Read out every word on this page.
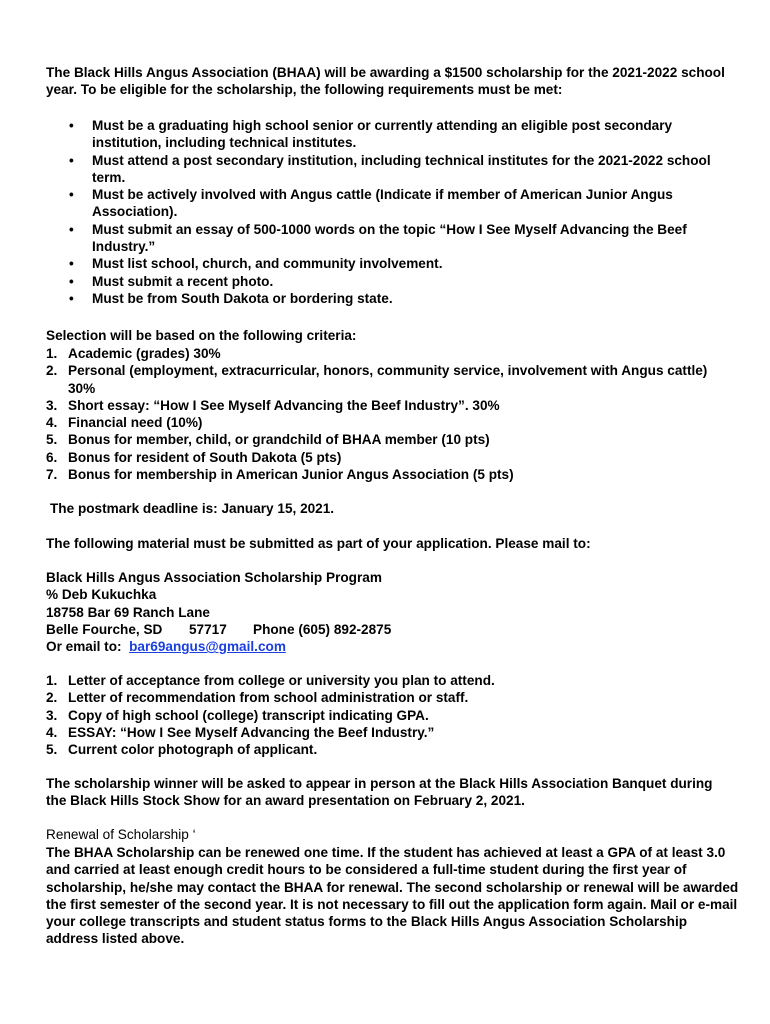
The Black Hills Angus Association (BHAA) will be awarding a $1500 scholarship for the 2021-2022 school year. To be eligible for the scholarship, the following requirements must be met:

• Must be a graduating high school senior or currently attending an eligible post secondary institution, including technical institutes.
• Must attend a post secondary institution, including technical institutes for the 2021-2022 school term.
• Must be actively involved with Angus cattle (Indicate if member of American Junior Angus Association).
• Must submit an essay of 500-1000 words on the topic “How I See Myself Advancing the Beef Industry.”
• Must list school, church, and community involvement.
• Must submit a recent photo.
• Must be from South Dakota or bordering state.

Selection will be based on the following criteria:

1. Academic (grades) 30%
2. Personal (employment, extracurricular, honors, community service, involvement with Angus cattle) 30%
3. Short essay: “How I See Myself Advancing the Beef Industry”. 30%
4. Financial need (10%)
5. Bonus for member, child, or grandchild of BHAA member (10 pts)
6. Bonus for resident of South Dakota (5 pts)
7. Bonus for membership in American Junior Angus Association (5 pts)

The postmark deadline is: January 15, 2021.

The following material must be submitted as part of your application. Please mail to:

Black Hills Angus Association Scholarship Program
% Deb Kukuchka
18758 Bar 69 Ranch Lane
Belle Fourche, SD 57717 Phone (605) 892-2875
Or email to: bar69angus@gmail.com
1. Letter of acceptance from college or university you plan to attend.
2. Letter of recommendation from school administration or staff.
3. Copy of high school (college) transcript indicating GPA.
4. ESSAY: “How I See Myself Advancing the Beef Industry.”
5. Current color photograph of applicant.

The scholarship winner will be asked to appear in person at the Black Hills Association Banquet during the Black Hills Stock Show for an award presentation on February 2, 2021.

Renewal of Scholarship ‘

The BHAA Scholarship can be renewed one time. If the student has achieved at least a GPA of at least 3.0 and carried at least enough credit hours to be considered a full-time student during the first year of scholarship, he/she may contact the BHAA for renewal. The second scholarship or renewal will be awarded the first semester of the second year. It is not necessary to fill out the application form again. Mail or e-mail your college transcripts and student status forms to the Black Hills Angus Association Scholarship address listed above.
